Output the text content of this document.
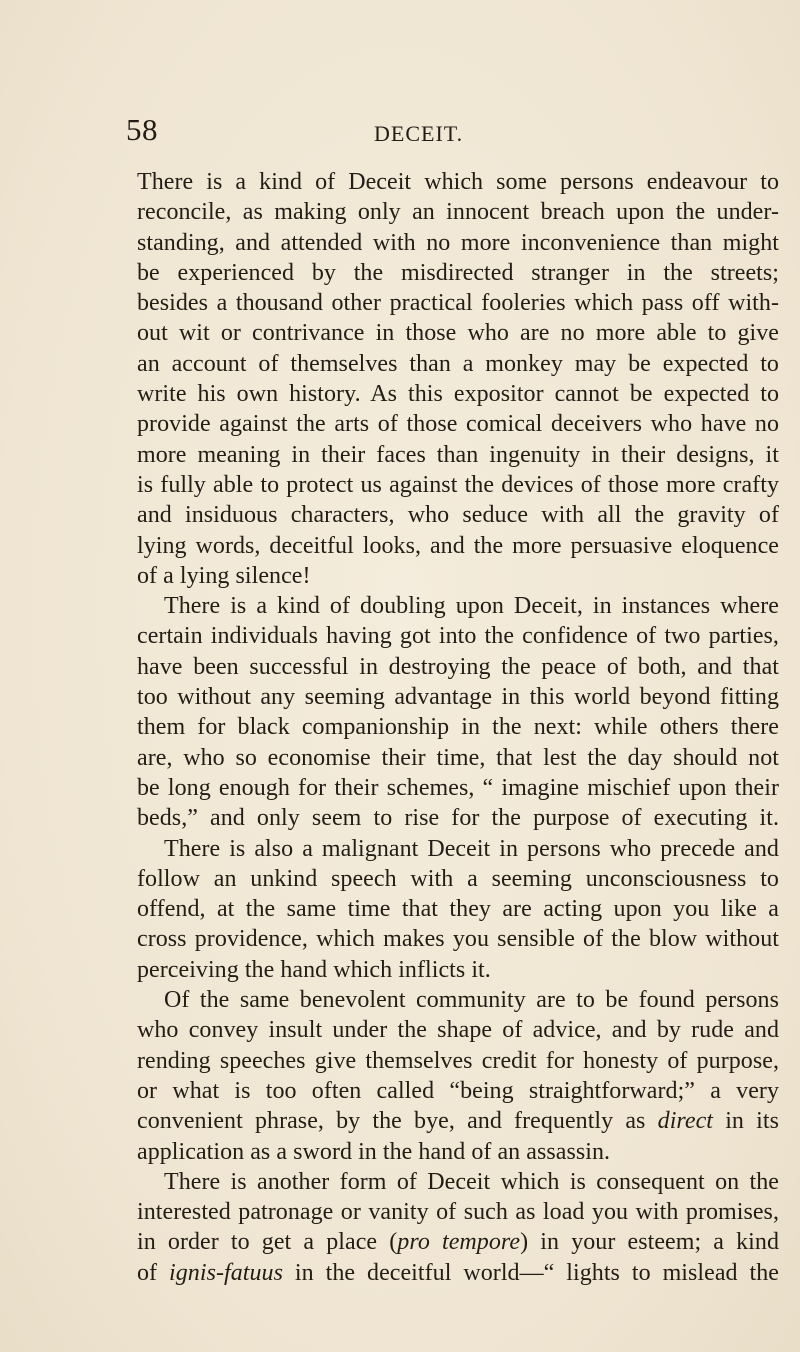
58	DECEIT.
There is a kind of Deceit which some persons endeavour to
reconcile, as making only an innocent breach upon the under-
standing, and attended with no more inconvenience than might
be experienced by the misdirected stranger in the streets;
besides a thousand other practical fooleries which pass off with-
out wit or contrivance in those who are no more able to give
an account of themselves than a monkey may be expected to
write his own history. As this expositor cannot be expected to
provide against the arts of those comical deceivers who have no
more meaning in their faces than ingenuity in their designs, it
is fully able to protect us against the devices of those more crafty
and insiduous characters, who seduce with all the gravity of
lying words, deceitful looks, and the more persuasive eloquence
of a lying silence!
There is a kind of doubling upon Deceit, in instances where
certain individuals having got into the confidence of two parties,
have been successful in destroying the peace of both, and that
too without any seeming advantage in this world beyond fitting
them for black companionship in the next: while others there
are, who so economise their time, that lest the day should not
be long enough for their schemes, “ imagine mischief upon their
beds,” and only seem to rise for the purpose of executing it.
There is also a malignant Deceit in persons who precede and
follow an unkind speech with a seeming unconsciousness to
offend, at the same time that they are acting upon you like a
cross providence, which makes you sensible of the blow without
perceiving the hand which inflicts it.
Of the same benevolent community are to be found persons
who convey insult under the shape of advice, and by rude and
rending speeches give themselves credit for honesty of purpose,
or what is too often called “being straightforward;” a very
convenient phrase, by the bye, and frequently as direct in its
application as a sword in the hand of an assassin.
There is another form of Deceit which is consequent on the
interested patronage or vanity of such as load you with promises,
in order to get a place (pro tempore) in your esteem; a kind
of ignis-fatuus in the deceitful world—“ lights to mislead the
